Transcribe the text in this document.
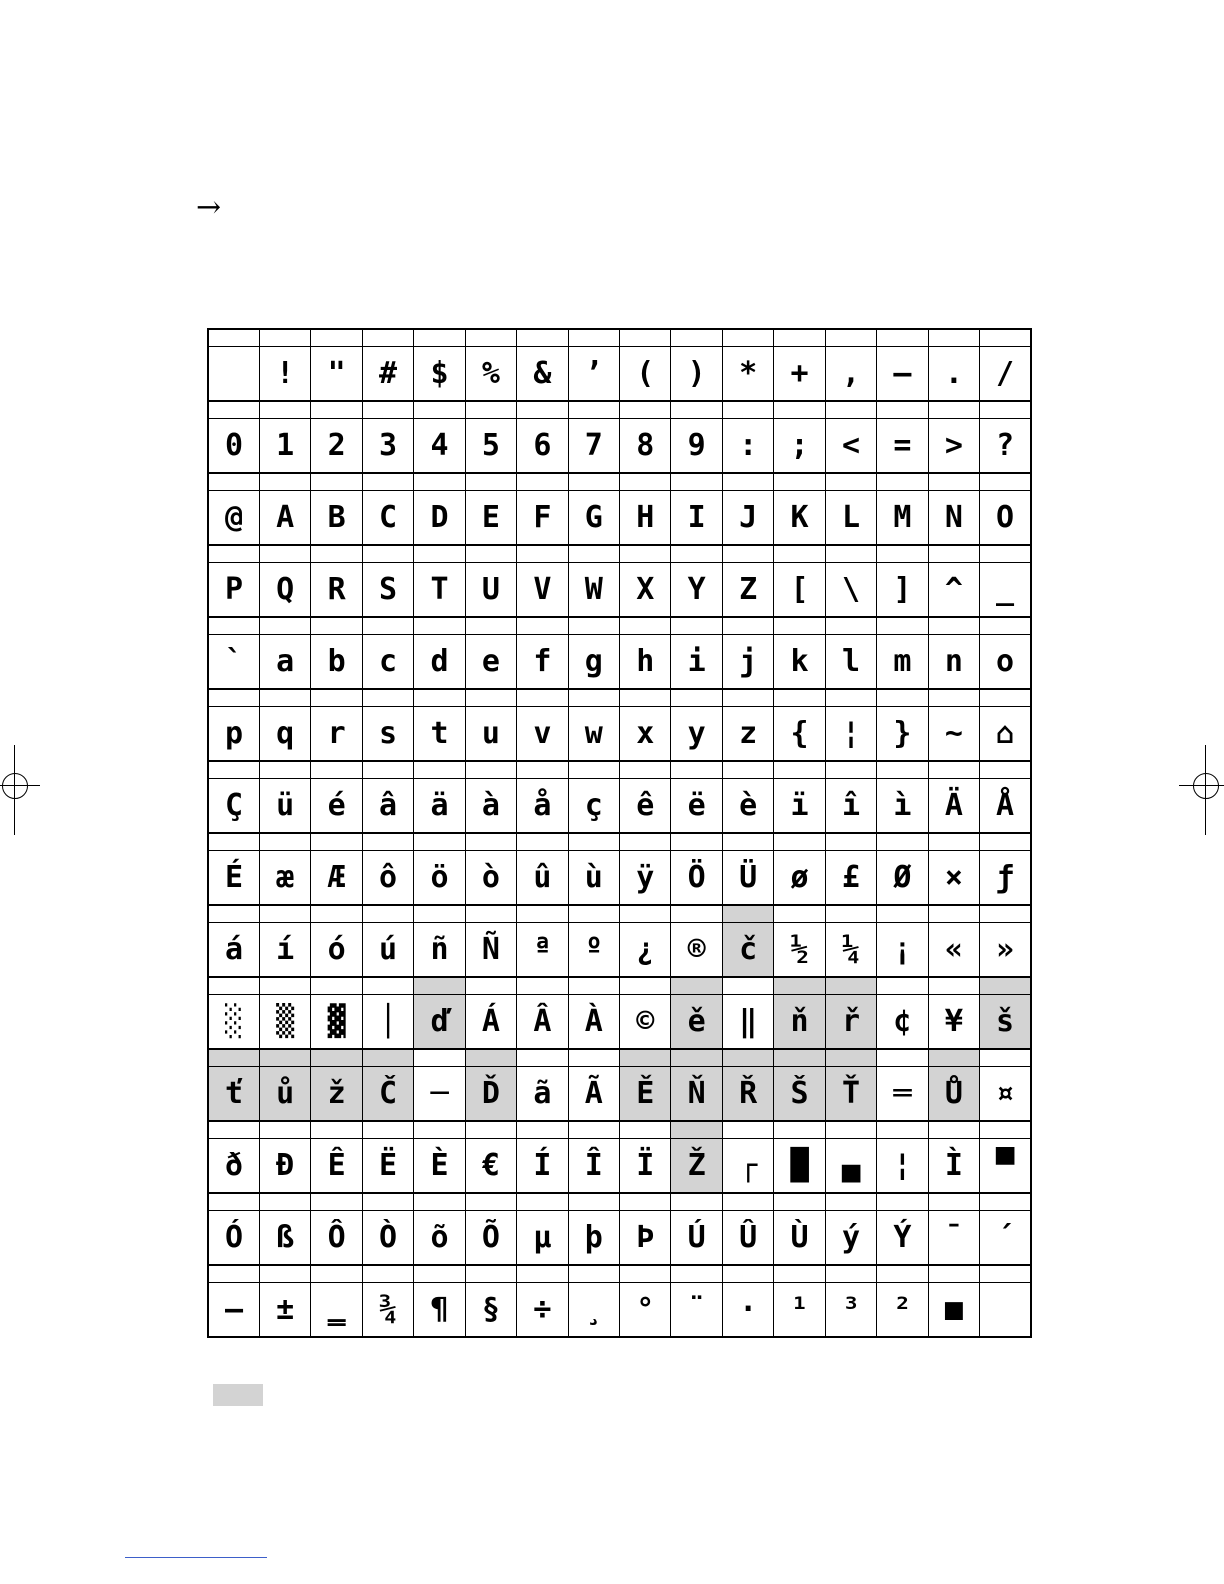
→

	!	"	#	$	%	&	’	(	)	*	+	,	–	.	/

0	1	2	3	4	5	6	7	8	9	:	;	<	=	>	?

@	A	B	C	D	E	F	G	H	I	J	K	L	M	N	O

P	Q	R	S	T	U	V	W	X	Y	Z	[	\	]	^	_

`	a	b	c	d	e	f	g	h	i	j	k	l	m	n	o

p	q	r	s	t	u	v	w	x	y	z	{	¦	}	~	⌂

Ç	ü	é	â	ä	à	å	ç	ê	ë	è	ï	î	ì	Ä	Å

É	æ	Æ	ô	ö	ò	û	ù	ÿ	Ö	Ü	ø	£	Ø	×	ƒ

á	í	ó	ú	ñ	Ñ	ª	º	¿	®	č	½	¼	¡	«	»

░	▒	▓	│	ď	Á	Â	À	©	ě	‖	ň	ř	¢	¥	š

ť	ů	ž	Č	─	Ď	ã	Ã	Ě	Ň	Ř	Š	Ť	═	Ů	¤

ð	Ð	Ê	Ë	È	€	Í	Î	Ï	Ž	┌	█	▄	¦	Ì	▀

Ó	ß	Ô	Ò	õ	Õ	µ	þ	Þ	Ú	Û	Ù	ý	Ý	¯	´

–	±	‗	¾	¶	§	÷	¸	°	¨	·	¹	³	²	■	
